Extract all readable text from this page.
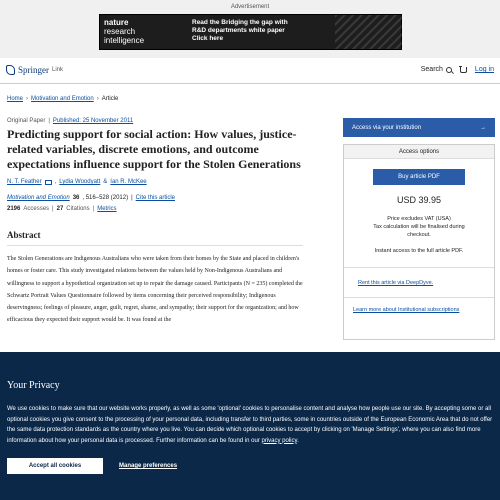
Advertisement
nature
research
intelligence
Read the Bridging the gap with
R&D departments white paper
Click here
Springer Link	Search	Log in
Home › Motivation and Emotion › Article
Original Paper | Published: 25 November 2011
Predicting support for social action: How values, justice-related variables, discrete emotions, and outcome expectations influence support for the Stolen Generations
N. T. Feather , Lydia Woodyatt & Ian R. McKee
Motivation and Emotion 36 , 516–528 (2012) | Cite this article
2196 Accesses | 27 Citations | Metrics
Abstract

The Stolen Generations are Indigenous Australians who were taken from their homes by the State and placed in children's homes or foster care. This study investigated relations between the values held by Non-Indigenous Australians and willingness to support a hypothetical organization set up to repair the damage caused. Participants (N = 235) completed the Schwartz Portrait Values Questionnaire followed by items concerning their perceived responsibility; Indigenous deservingness; feelings of pleasure, anger, guilt, regret, shame, and sympathy; their support for the organization; and how efficacious they expected their support would be. It was found at the

Access via your institution	→
Access options
Buy article PDF
USD 39.95
Price excludes VAT (USA)
Tax calculation will be finalised during
checkout.
Instant access to the full article PDF.
Rent this article via DeepDyve.
Learn more about Institutional subscriptions
Your Privacy

We use cookies to make sure that our website works properly, as well as some 'optional' cookies to personalise content and analyse how people use our site. By accepting some or all optional cookies you give consent to the processing of your personal data, including transfer to third parties, some in countries outside of the European Economic Area that do not offer the same data protection standards as the country where you live. You can decide which optional cookies to accept by clicking on 'Manage Settings', where you can also find more information about how your personal data is processed. Further information can be found in our privacy policy.

Accept all cookies	Manage preferences
